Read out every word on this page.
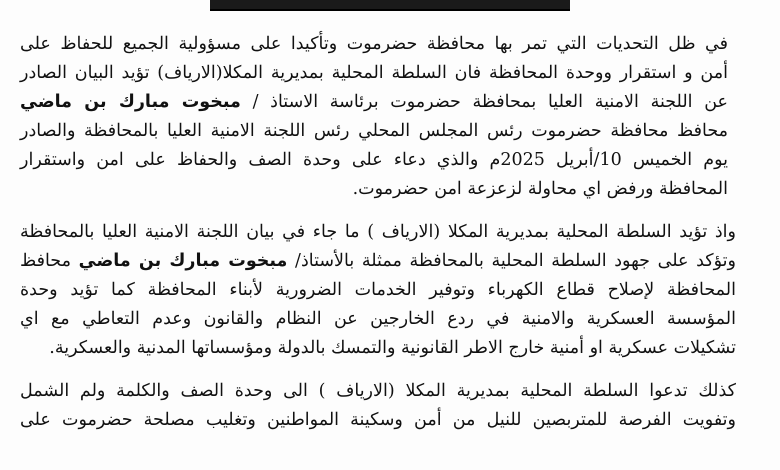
في ظل التحديات التي تمر بها محافظة حضرموت وتأكيدا على مسؤولية الجميع للحفاظ على
أمن و استقرار ووحدة المحافظة فان السلطة المحلية بمديرية المكلا(الارياف) تؤيد البيان الصادر
عن اللجنة الامنية العليا بمحافظة حضرموت برئاسة الاستاذ / مبخوت مبارك بن ماضي
محافظ محافظة حضرموت رئس المجلس المحلي رئس اللجنة الامنية العليا بالمحافظة والصادر
يوم الخميس 10/أبريل 2025م والذي دعاء على وحدة الصف والحفاظ على امن واستقرار
المحافظة ورفض اي محاولة لزعزعة امن حضرموت.

واذ تؤيد السلطة المحلية بمديرية المكلا (الارياف ) ما جاء في بيان اللجنة الامنية العليا بالمحافظة
وتؤكد على جهود السلطة المحلية بالمحافظة ممثلة بالأستاذ/ مبخوت مبارك بن ماضي محافظ
المحافظة لإصلاح قطاع الكهرباء وتوفير الخدمات الضرورية لأبناء المحافظة كما تؤيد وحدة
المؤسسة العسكرية والامنية في ردع الخارجين عن النظام والقانون وعدم التعاطي مع اي
تشكيلات عسكرية او أمنية خارج الاطر القانونية والتمسك بالدولة ومؤسساتها المدنية والعسكرية.

كذلك تدعوا السلطة المحلية بمديرية المكلا (الارياف ) الى وحدة الصف والكلمة ولم الشمل
وتفويت الفرصة للمتربصين للنيل من أمن وسكينة المواطنين وتغليب مصلحة حضرموت على
